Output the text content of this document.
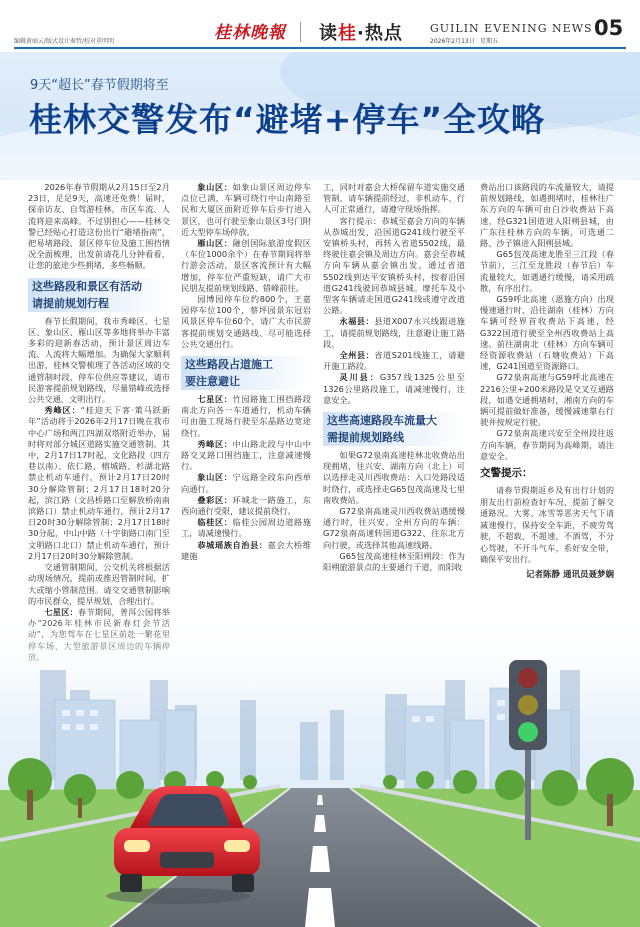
编辑黄丽云/版式设计秦哲/校对莫明明	桂林晚報 读桂·热点 GUILIN EVENING NEWS
2026年2月13日 星期五
05
9天“超长”春节假期将至
桂林交警发布“避堵+停车”全攻略

2026年春节假期从2月15日至2月23日，足足9天，高速还免费！届时，探亲访友、自驾游桂林，市区车流、人流将迎来高峰。不过别担心——桂林交警已经贴心打造这份出行“避堵指南”，把易堵路段、景区停车位及施工围挡情况全面梳理，出发前请花几分钟看看，让您的旅途少些拥堵，多些畅顺。

这些路段和景区有活动
请提前规划行程

春节长假期间，我市秀峰区、七星区、象山区、雁山区等多地将举办丰富多彩的迎新春活动，预计景区周边车流、人流将大幅增加。为确保大家顺利出游，桂林交警梳理了各活动区域的交通管制时段，停车位供应等建议，请市民游客提前规划路线，尽量错峰或选择公共交通，文明出行。

秀峰区：“桂迎天下客·策马跃新年”活动将于2026年2月17日晚在我市中心广场和两江四湖双塔附近举办，届时将对部分城区道路实施交通管制。其中，2月17日17时起，文化路段（四方巷以南）、依仁路、榕城路、杉湖北路禁止机动车通行，预计2月17日20时30分解除管制；2月17日18时20分起，滨江路（文昌桥路口至解放桥南南滨路口）禁止机动车通行，预计2月17日20时30分解除管制；2月17日18时30分起，中山中路（十字街路口南门至文明路口北口）禁止机动车通行，预计2月17日20时30分解除管制。

交通管制期间，公交机关将根据活动现场情况，提前或推迟管制时间，扩大或缩小管制范围。请交交通管制影响的市民群众，提早规划，合理出行。

象山区：如象山景区周边停车点位已满，车辆可绕行中山南路至民和大厦区面附近停车后步行进入景区，也可行驶至象山景区3号门附近大型停车场停放。

雁山区：融创国际旅游度假区（车位1000余个）在春节期间将举行游会活动，景区客流预计有大幅增加，停车位严重短缺，请广大市民朋友提前规划线路、错峰前往。

园博园停车位约800个，王嘉园停车位100个，蔡坪园景东冠岩风景区停车位60个，请广大市民游客提前规划交通路线、尽可能选择公共交通出行。

这些路段占道施工
要注意避让

七星区：竹园路施工围挡路段南北方向各一车道通行，机动车辆可由施工现场行驶至东晶路边宽途绕行。

秀峰区：中山路北段与中山中路交叉路口围挡施工，注意减速慢行。

象山区：宁远路全段东向西单向通行。

叠彩区：环城北一路施工，东西向通行受限，建议提前绕行。

临桂区：临桂公园周边道路施工，请减速慢行。

恭城瑶族自治县：嘉会大桥维建施

工，同时对嘉会大桥保留车道实施交通管制，请车辆提前经过，非机动车、行人可正常通行，请遵守现场指挥。

客行提示：恭城至嘉会方向的车辆从恭城出发，沿国道G241线行驶至平安镇桥头村，再转入省道S502线，最终驶往嘉会镇及周边方向。嘉会至恭城方向车辆从嘉会镇出发，通过省道S502线到达平安镇桥头村，按着沿国道G241线驶回恭城县城。摩托车及小型客车辆请走国道G241线或遵守改道公路。

永福县：县道X007永兴线跟进施工，请提前规划路线，注意避让施工路段。

全州县：省道S201线施工，请避开施工路段。

灵川县：G357线1325公里至1326公里路段施工，请减速慢行，注意安全。

这些高速路段车流量大
需提前规划路线

如果G72泉南高速桂林北收费站出现拥堵，往兴安、湖南方向（北上）可以选择走灵川西收费站：入口处路段适时绕行，或选择走G65包茂高速及七里南收费站。

G72泉南高速灵川西收费站遇缓慢通行时，往兴安、全州方向的车辆：G72泉南高速转国道G322、往东北方向行驶，或选择其他高速线路。

G65包茂高速桂林至阳朔段：作为阳朔旅游景点的主要通行干道，而阳收

费站出口该路段的车流量较大，请提前规划路线，如遇拥堵时，桂林往广东方向的车辆可由白沙收费站下高速，经G321国道进入阳朔县城，由广东往桂林方向的车辆，可选通二路、沙子镇进入阳朔县城。

G65包茂高速龙胜至三江段（春节前），三江至龙胜段（春节后）车流量较大，如遇通行缓慢，请采用疏散，有序出行。

G59呼北高速（恩施方向）出现慢速通行时，沿往湖南（桂林）方向车辆可经界首收费站下高速，经G322国道行驶至全州西收费站上高速。前往湖南北（桂林）方向车辆可经资源收费站（石塘收费站）下高速，G241国道至资源路口。

G72泉南高速与G59呼北高速在2216公里+200米路段是交叉互通路段，如遇交通拥堵时，湘南方向的车辆可提前做好准备，缓慢减速靠右行驶并按规定行驶。

G72泉南高速兴安至全州段往返方向车辆，春节期间为高峰期，请注意安全。

交警提示：
请春节假期返乡及有出行计划的朋友出行前检查好车况，提前了解交通路况。大雾、冰雪等恶劣天气下请减速慢行，保持安全车距，不疲劳驾驶，不超载，不超速，不酒驾，不分心驾驶，不开斗气车，系好安全带，确保平安出行。
记者陈静 通讯员聂梦娴
